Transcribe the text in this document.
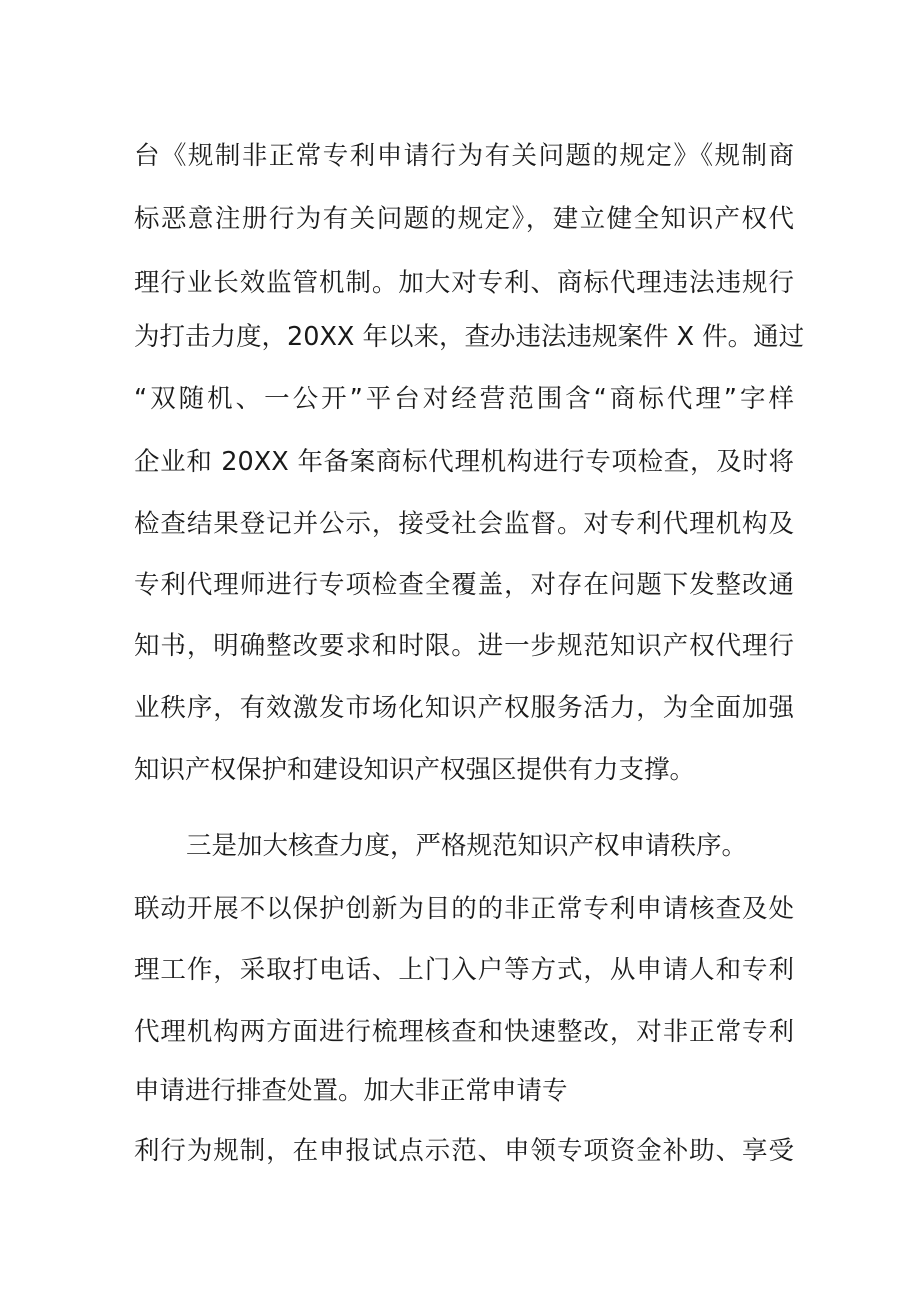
台《规制非正常专利申请行为有关问题的规定》《规制商
标恶意注册行为有关问题的规定》，建立健全知识产权代
理行业长效监管机制。加大对专利、商标代理违法违规行
为打击力度，20XX 年以来，查办违法违规案件 X 件。通过
“双随机、一公开”平台对经营范围含“商标代理”字样
企业和 20XX 年备案商标代理机构进行专项检查，及时将
检查结果登记并公示，接受社会监督。对专利代理机构及
专利代理师进行专项检查全覆盖，对存在问题下发整改通
知书，明确整改要求和时限。进一步规范知识产权代理行
业秩序，有效激发市场化知识产权服务活力，为全面加强
知识产权保护和建设知识产权强区提供有力支撑。
三是加大核查力度，严格规范知识产权申请秩序。
联动开展不以保护创新为目的的非正常专利申请核查及处
理工作，采取打电话、上门入户等方式，从申请人和专利
代理机构两方面进行梳理核查和快速整改，对非正常专利
申请进行排查处置。加大非正常申请专
利行为规制，在申报试点示范、申领专项资金补助、享受
